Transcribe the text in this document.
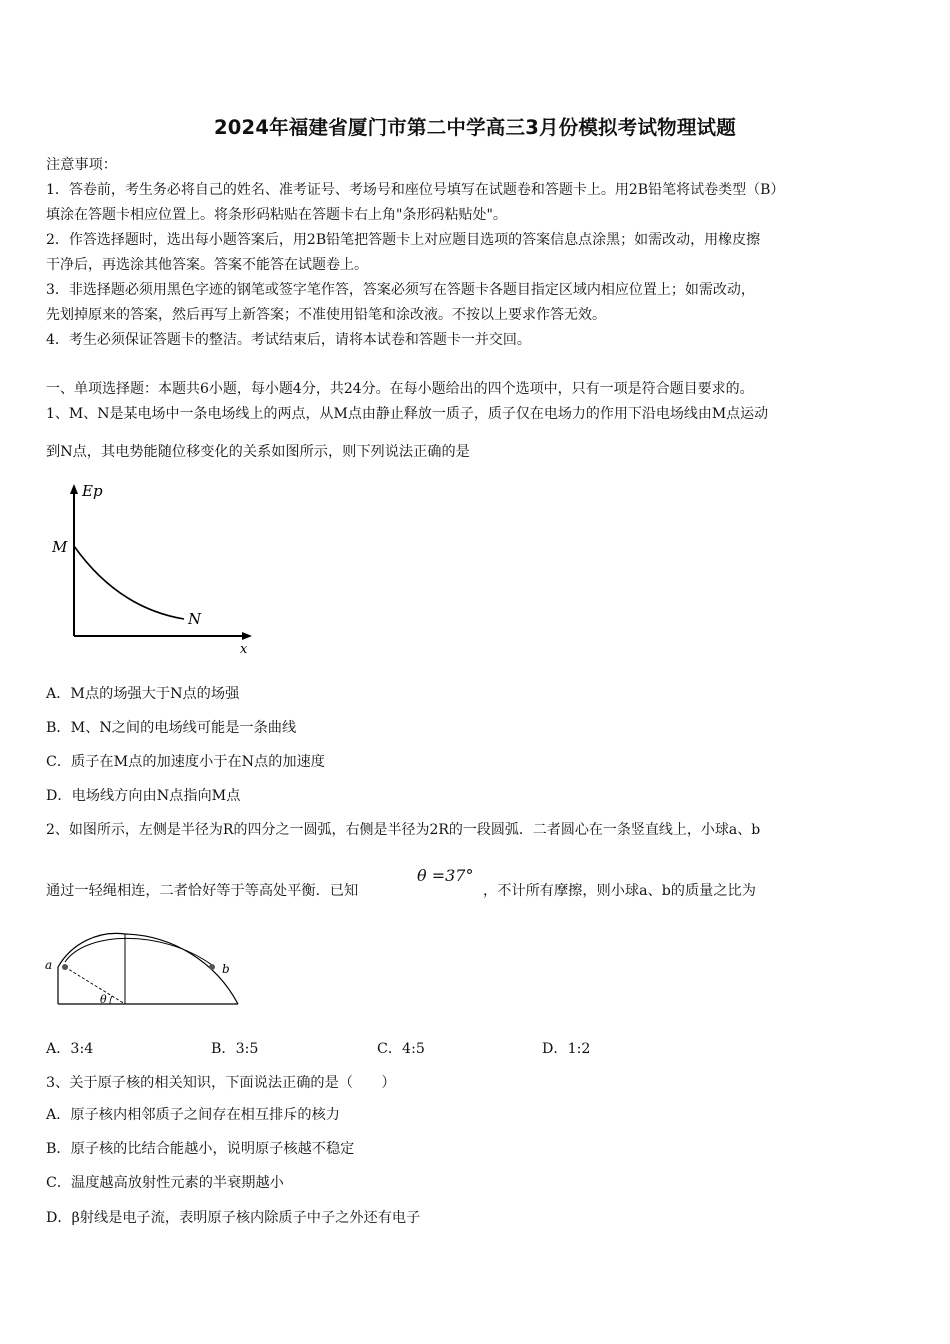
2024年福建省厦门市第二中学高三3月份模拟考试物理试题
注意事项：
1．答卷前，考生务必将自己的姓名、准考证号、考场号和座位号填写在试题卷和答题卡上。用2B铅笔将试卷类型（B）
填涂在答题卡相应位置上。将条形码粘贴在答题卡右上角"条形码粘贴处"。
2．作答选择题时，选出每小题答案后，用2B铅笔把答题卡上对应题目选项的答案信息点涂黑；如需改动，用橡皮擦
干净后，再选涂其他答案。答案不能答在试题卷上。
3．非选择题必须用黑色字迹的钢笔或签字笔作答，答案必须写在答题卡各题目指定区域内相应位置上；如需改动，
先划掉原来的答案，然后再写上新答案；不准使用铅笔和涂改液。不按以上要求作答无效。
4．考生必须保证答题卡的整洁。考试结束后，请将本试卷和答题卡一并交回。
一、单项选择题：本题共6小题，每小题4分，共24分。在每小题给出的四个选项中，只有一项是符合题目要求的。
1、M、N是某电场中一条电场线上的两点，从M点由静止释放一质子，质子仅在电场力的作用下沿电场线由M点运动
到N点，其电势能随位移变化的关系如图所示，则下列说法正确的是
Ep
x
M
N
A．M点的场强大于N点的场强
B．M、N之间的电场线可能是一条曲线
C．质子在M点的加速度小于在N点的加速度
D．电场线方向由N点指向M点
2、如图所示，左侧是半径为R的四分之一圆弧，右侧是半径为2R的一段圆弧．二者圆心在一条竖直线上，小球a、b
通过一轻绳相连，二者恰好等于等高处平衡．已知
θ =37°
，不计所有摩擦，则小球a、b的质量之比为
a	b
θ
A．3:4	B．3:5	C．4:5	D．1:2
3、关于原子核的相关知识，下面说法正确的是（　　）
A．原子核内相邻质子之间存在相互排斥的核力
B．原子核的比结合能越小，说明原子核越不稳定
C．温度越高放射性元素的半衰期越小
D．β射线是电子流，表明原子核内除质子中子之外还有电子
